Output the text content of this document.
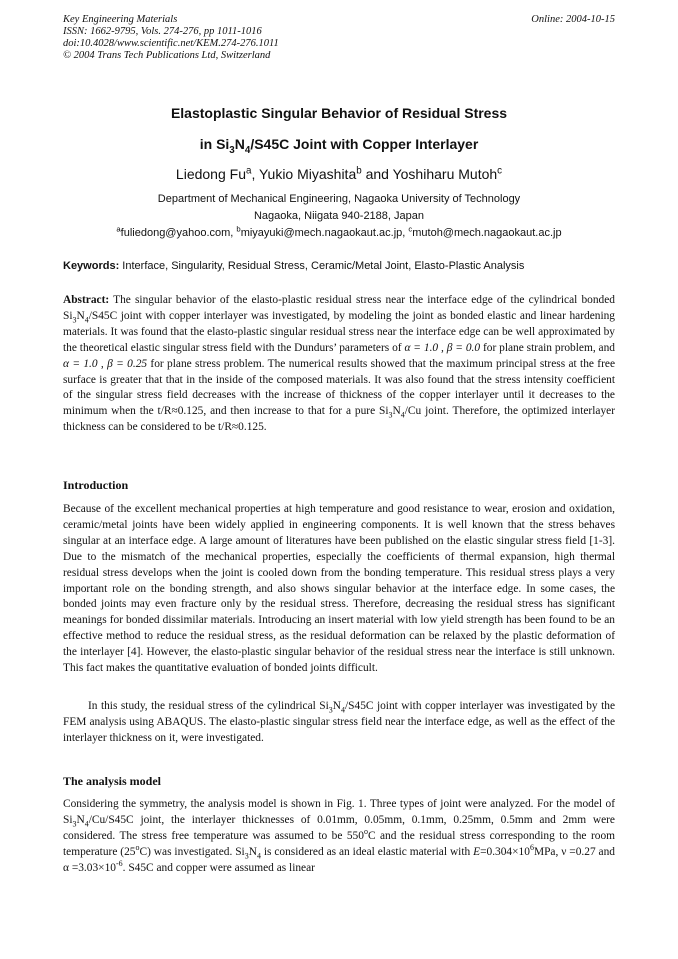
Key Engineering Materials
ISSN: 1662-9795, Vols. 274-276, pp 1011-1016
doi:10.4028/www.scientific.net/KEM.274-276.1011
© 2004 Trans Tech Publications Ltd, Switzerland
Online: 2004-10-15
Elastoplastic Singular Behavior of Residual Stress
in $Si_3N_4/S45C$ Joint with Copper Interlayer
Liedong Fu$^a$, Yukio Miyashita$^b$ and Yoshiharu Mutoh$^c$
Department of Mechanical Engineering, Nagaoka University of Technology
Nagaoka, Niigata 940-2188, Japan
$^a$fuliedong@yahoo.com, $^b$miyayuki@mech.nagaokaut.ac.jp, $^c$mutoh@mech.nagaokaut.ac.jp
Keywords: Interface, Singularity, Residual Stress, Ceramic/Metal Joint, Elasto-Plastic Analysis

Abstract: The singular behavior of the elasto-plastic residual stress near the interface edge of the cylindrical bonded $Si_3N_4/S45C$ joint with copper interlayer was investigated, by modeling the joint as bonded elastic and linear hardening materials. It was found that the elasto-plastic singular residual stress near the interface edge can be well approximated by the theoretical elastic singular stress field with the Dundurs’ parameters of α = 1.0 , β = 0.0 for plane strain problem, and α = 1.0 , β = 0.25 for plane stress problem. The numerical results showed that the maximum principal stress at the free surface is greater that that in the inside of the composed materials. It was also found that the stress intensity coefficient of the singular stress field decreases with the increase of thickness of the copper interlayer until it decreases to the minimum when the t/R≈0.125, and then increase to that for a pure $Si_3N_4/Cu$ joint. Therefore, the optimized interlayer thickness can be considered to be t/R≈0.125.

Introduction

Because of the excellent mechanical properties at high temperature and good resistance to wear, erosion and oxidation, ceramic/metal joints have been widely applied in engineering components. It is well known that the stress behaves singular at an interface edge. A large amount of literatures have been published on the elastic singular stress field [1-3]. Due to the mismatch of the mechanical properties, especially the coefficients of thermal expansion, high thermal residual stress develops when the joint is cooled down from the bonding temperature. This residual stress plays a very important role on the bonding strength, and also shows singular behavior at the interface edge. In some cases, the bonded joints may even fracture only by the residual stress. Therefore, decreasing the residual stress has significant meanings for bonded dissimilar materials. Introducing an insert material with low yield strength has been found to be an effective method to reduce the residual stress, as the residual deformation can be relaxed by the plastic deformation of the interlayer [4]. However, the elasto-plastic singular behavior of the residual stress near the interface is still unknown. This fact makes the quantitative evaluation of bonded joints difficult.

In this study, the residual stress of the cylindrical $Si_3N_4/S45C$ joint with copper interlayer was investigated by the FEM analysis using ABAQUS. The elasto-plastic singular stress field near the interface edge, as well as the effect of the interlayer thickness on it, were investigated.

The analysis model

Considering the symmetry, the analysis model is shown in Fig. 1. Three types of joint were analyzed. For the model of $Si_3N_4/Cu/S45C$ joint, the interlayer thicknesses of 0.01mm, 0.05mm, 0.1mm, 0.25mm, 0.5mm and 2mm were considered. The stress free temperature was assumed to be 550$^o$C and the residual stress corresponding to the room temperature (25$^o$C) was investigated. $Si_3N_4$ is considered as an ideal elastic material with $E=0.304\times 10^6MPa$, ν =0.27 and $\alpha =3.03\times 10^{-6}$. S45C and copper were assumed as linear
